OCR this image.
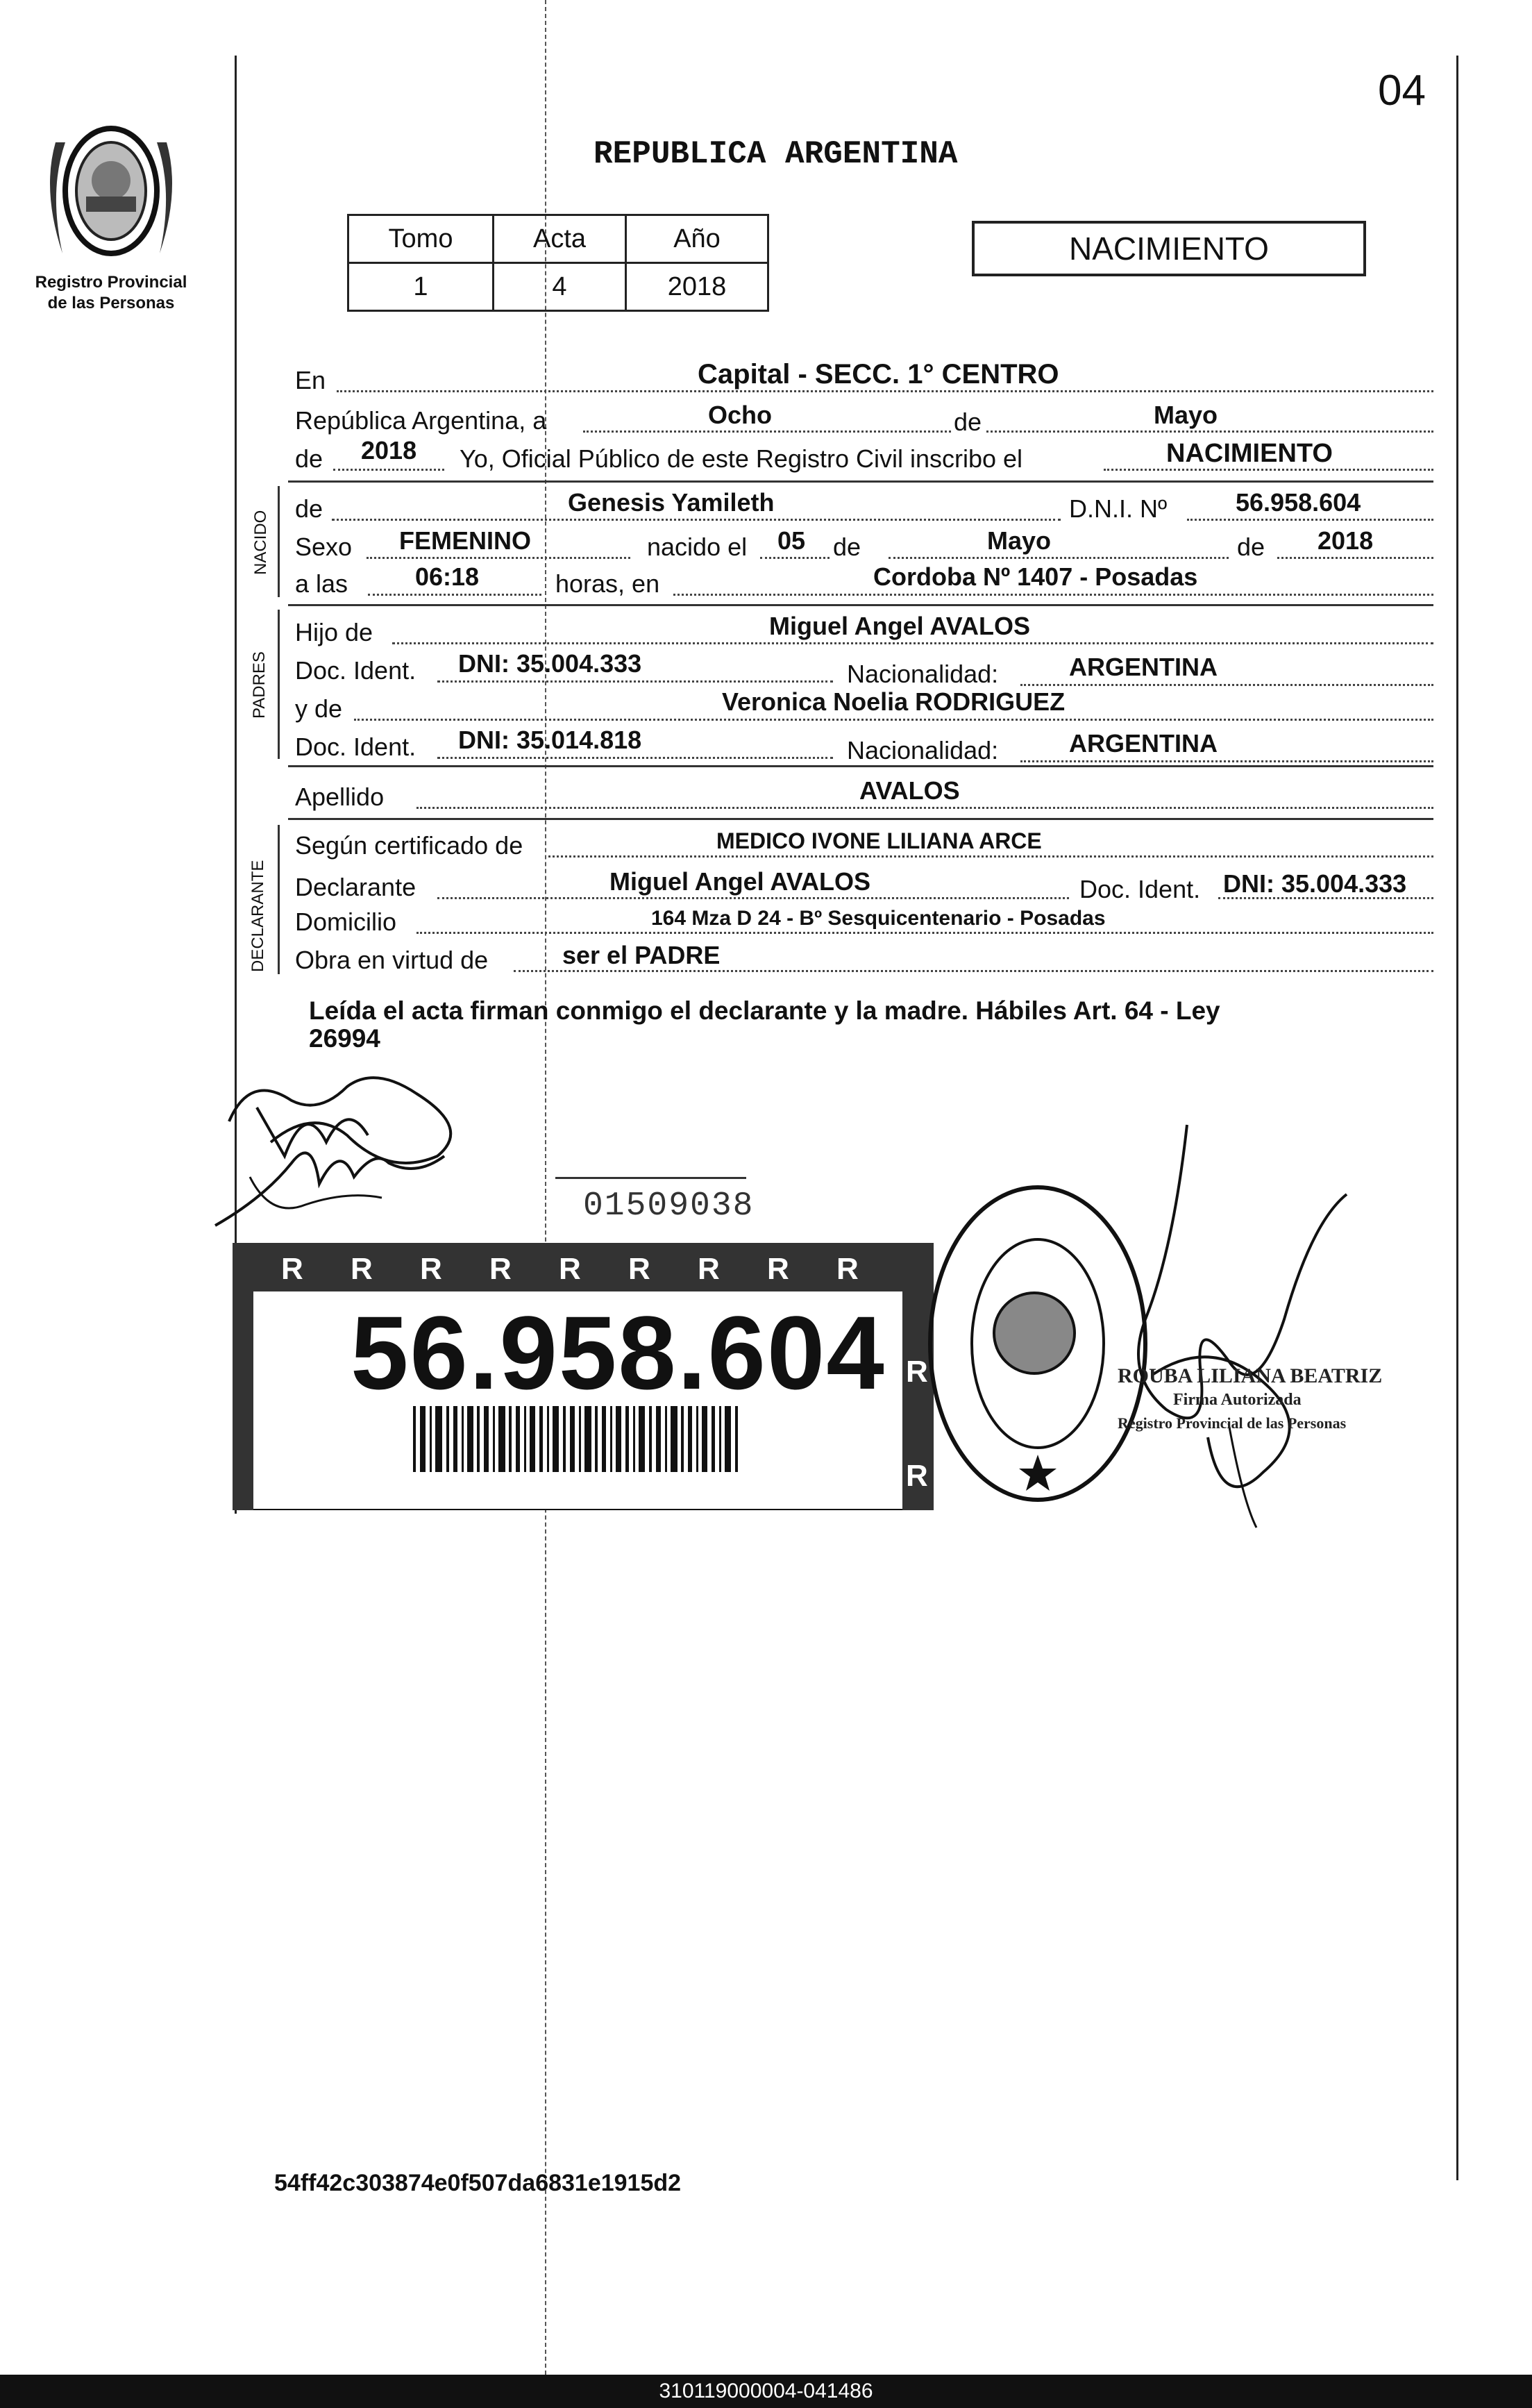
04
Registro Provincial
de las Personas
REPUBLICA ARGENTINA
Tomo	Acta	Año
1	4	2018
NACIMIENTO
En	Capital - SECC. 1° CENTRO
República Argentina, a	Ocho	de	Mayo
de 2018 Yo, Oficial Público de este Registro Civil inscribo el	NACIMIENTO
NACIDO
de	Genesis Yamileth	D.N.I. Nº	56.958.604
Sexo FEMENINO	nacido el 05 de	Mayo	de 2018
a las	06:18	horas, en	Cordoba Nº 1407 - Posadas
PADRES
Hijo de	Miguel Angel AVALOS
Doc. Ident. DNI: 35.004.333	Nacionalidad:	ARGENTINA
y de	Veronica Noelia RODRIGUEZ
Doc. Ident. DNI: 35.014.818	Nacionalidad:	ARGENTINA
Apellido	AVALOS
DECLARANTE
Según certificado de	MEDICO IVONE LILIANA ARCE
Declarante	Miguel Angel AVALOS	Doc. Ident. DNI: 35.004.333
Domicilio	164 Mza D 24 - Bº Sesquicentenario - Posadas
Obra en virtud de	ser el PADRE
Leída el acta firman conmigo el declarante y la madre. Hábiles Art. 64 - Ley
26994
01509038
R R R R R R R R R
R
R
56.958.604	ROUBA LILIANA BEATRIZ
Firma Autorizada
Registro Provincial de las Personas
54ff42c303874e0f507da6831e1915d2
310119000004-041486
